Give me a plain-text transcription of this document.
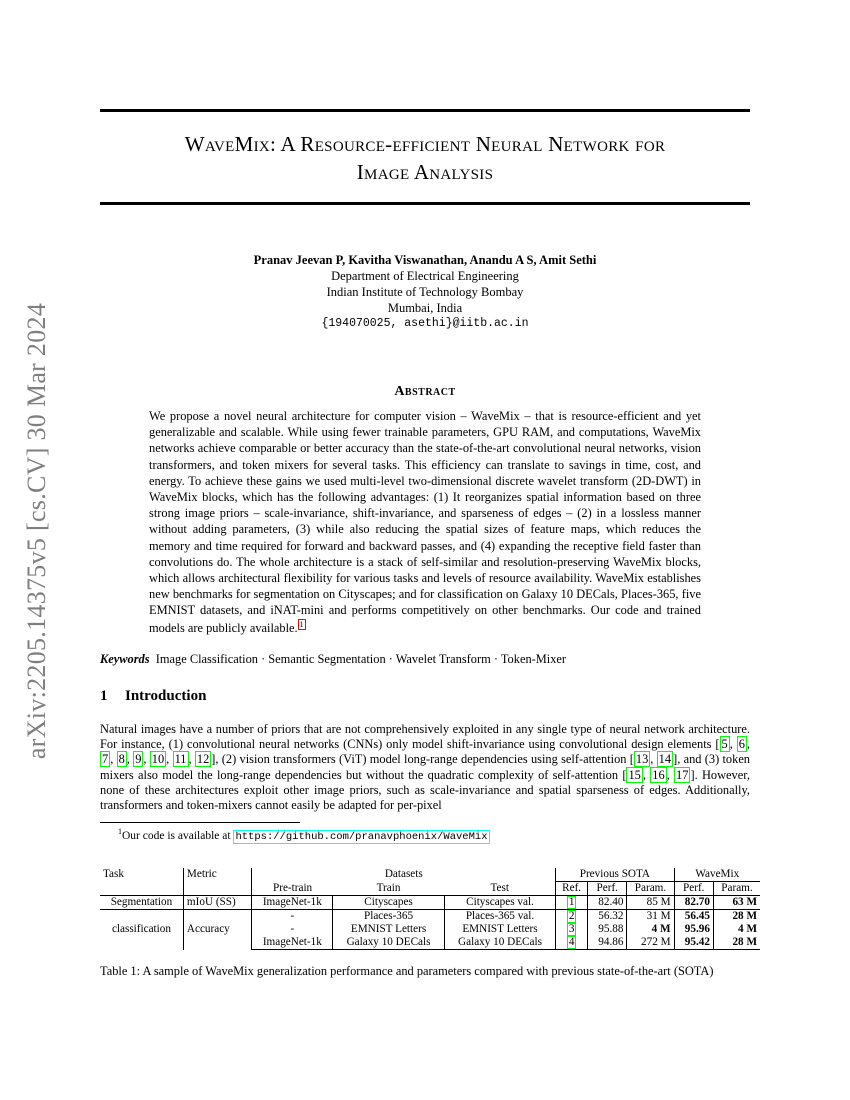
arXiv:2205.14375v5 [cs.CV] 30 Mar 2024
WaveMix: A Resource-efficient Neural Network for
Image Analysis
Pranav Jeevan P, Kavitha Viswanathan, Anandu A S, Amit Sethi
Department of Electrical Engineering
Indian Institute of Technology Bombay
Mumbai, India
{194070025, asethi}@iitb.ac.in
Abstract
We propose a novel neural architecture for computer vision – WaveMix – that is resource-efficient and yet generalizable and scalable. While using fewer trainable parameters, GPU RAM, and computations, WaveMix networks achieve comparable or better accuracy than the state-of-the-art convolutional neural networks, vision transformers, and token mixers for several tasks. This efficiency can translate to savings in time, cost, and energy. To achieve these gains we used multi-level two-dimensional discrete wavelet transform (2D-DWT) in WaveMix blocks, which has the following advantages: (1) It reorganizes spatial information based on three strong image priors – scale-invariance, shift-invariance, and sparseness of edges – (2) in a lossless manner without adding parameters, (3) while also reducing the spatial sizes of feature maps, which reduces the memory and time required for forward and backward passes, and (4) expanding the receptive field faster than convolutions do. The whole architecture is a stack of self-similar and resolution-preserving WaveMix blocks, which allows architectural flexibility for various tasks and levels of resource availability. WaveMix establishes new benchmarks for segmentation on Cityscapes; and for classification on Galaxy 10 DECals, Places-365, five EMNIST datasets, and iNAT-mini and performs competitively on other benchmarks. Our code and trained models are publicly available. 1
Keywords Image Classification · Semantic Segmentation · Wavelet Transform · Token-Mixer
1 Introduction
Natural images have a number of priors that are not comprehensively exploited in any single type of neural network architecture. For instance, (1) convolutional neural networks (CNNs) only model shift-invariance using convolutional design elements [ 5 , 6 , 7 , 8 , 9 , 10 , 11 , 12 ], (2) vision transformers (ViT) model long-range dependencies using self-attention [ 13 , 14 ], and (3) token mixers also model the long-range dependencies but without the quadratic complexity of self-attention [ 15 , 16 , 17 ]. However, none of these architectures exploit other image priors, such as scale-invariance and spatial sparseness of edges. Additionally, transformers and token-mixers cannot easily be adapted for per-pixel
$^1$Our code is available at https://github.com/pranavphoenix/WaveMix
Task	Metric	Datasets			Previous SOTA			WaveMix	
		Pre-train	Train	Test	Ref.	Perf.	Param.	Perf.	Param.
Segmentation	mIoU (SS)	ImageNet-1k	Cityscapes	Cityscapes val.	1	82.40	85 M	82.70	63 M
classification	Accuracy	-	Places-365	Places-365 val.	2	56.32	31 M	56.45	28 M
		-	EMNIST Letters	EMNIST Letters	3	95.88	4 M	95.96	4 M
		ImageNet-1k	Galaxy 10 DECals	Galaxy 10 DECals	4	94.86	272 M	95.42	28 M
Table 1: A sample of WaveMix generalization performance and parameters compared with previous state-of-the-art (SOTA)
